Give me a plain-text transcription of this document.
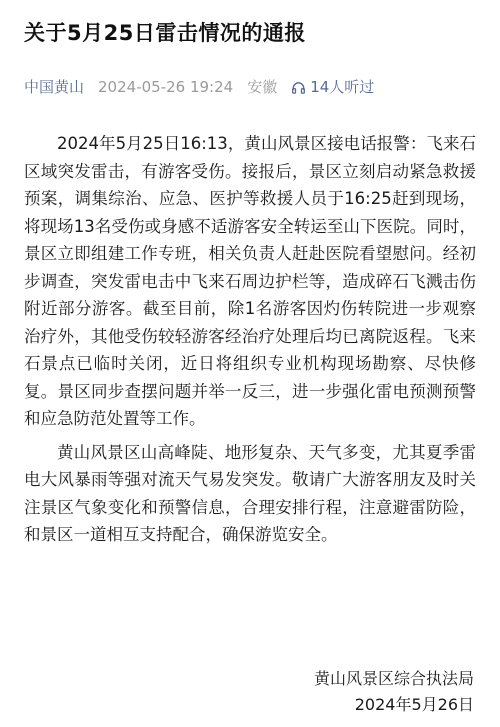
关于5月25日雷击情况的通报
中国黄山 2024-05-26 19:24 安徽 14人听过

2024年5月25日16:13，黄山风景区接电话报警：飞来石区域突发雷击，有游客受伤。接报后，景区立刻启动紧急救援预案，调集综治、应急、医护等救援人员于16:25赶到现场，将现场13名受伤或身感不适游客安全转运至山下医院。同时，景区立即组建工作专班，相关负责人赶赴医院看望慰问。经初步调查，突发雷电击中飞来石周边护栏等，造成碎石飞溅击伤附近部分游客。截至目前，除1名游客因灼伤转院进一步观察治疗外，其他受伤较轻游客经治疗处理后均已离院返程。飞来石景点已临时关闭，近日将组织专业机构现场勘察、尽快修复。景区同步查摆问题并举一反三，进一步强化雷电预测预警和应急防范处置等工作。

黄山风景区山高峰陡、地形复杂、天气多变，尤其夏季雷电大风暴雨等强对流天气易发突发。敬请广大游客朋友及时关注景区气象变化和预警信息，合理安排行程，注意避雷防险，和景区一道相互支持配合，确保游览安全。

黄山风景区综合执法局
2024年5月26日
